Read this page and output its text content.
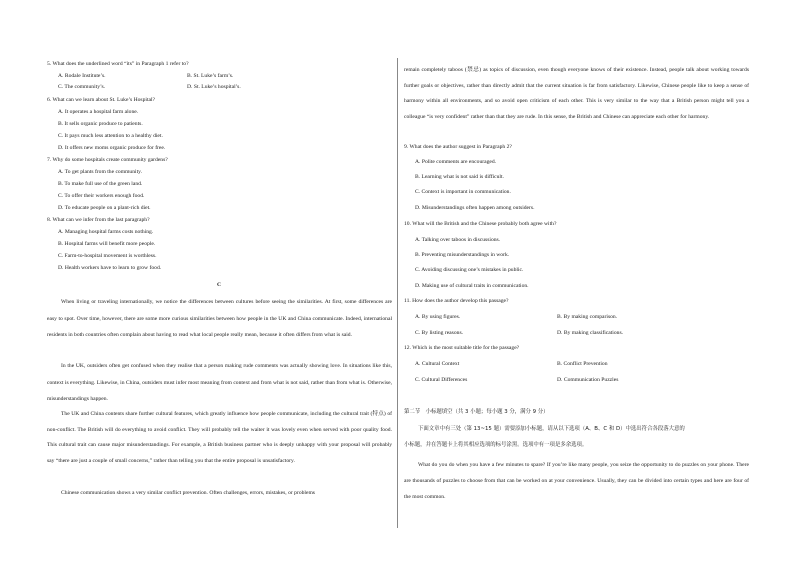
5. What does the underlined word “its” in Paragraph 1 refer to?
A. Rodale Institute’s.	B. St. Luke’s farm’s.
C. The community’s.	D. St. Luke’s hospital’s.
6. What can we learn about St. Luke’s Hospital?
A. It operates a hospital farm alone.
B. It sells organic produce to patients.
C. It pays much less attention to a healthy diet.
D. It offers new moms organic produce for free.
7. Why do some hospitals create community gardens?
A. To get plants from the community.
B. To make full use of the green land.
C. To offer their workers enough food.
D. To educate people on a plant-rich diet.
8. What can we infer from the last paragraph?
A. Managing hospital farms costs nothing.
B. Hospital farms will benefit more people.
C. Farm-to-hospital movement is worthless.
D. Health workers have to learn to grow food.
C
When living or traveling internationally, we notice the differences between cultures before seeing the similarities. At first, some differences are easy to spot. Over time, however, there are some more curious similarities between how people in the UK and China communicate. Indeed, international residents in both countries often complain about having to read what local people really mean, because it often differs from what is said.
In the UK, outsiders often get confused when they realise that a person making rude comments was actually showing love. In situations like this, context is everything. Likewise, in China, outsiders must infer most meaning from context and from what is not said, rather than from what is. Otherwise, misunderstandings happen.
The UK and China contents share further cultural features, which greatly influence how people communicate, including the cultural trait (特点) of non-conflict. The British will do everything to avoid conflict. They will probably tell the waiter it was lovely even when served with poor quality food. This cultural trait can cause major misunderstandings. For example, a British business partner who is deeply unhappy with your proposal will probably say “there are just a couple of small concerns,” rather than telling you that the entire proposal is unsatisfactory.
Chinese communication shows a very similar conflict prevention. Often challenges, errors, mistakes, or problems
remain completely taboos (禁忌) as topics of discussion, even though everyone knows of their existence. Instead, people talk about working towards further goals or objectives, rather than directly admit that the current situation is far from satisfactory. Likewise, Chinese people like to keep a sense of harmony within all environments, and so avoid open criticism of each other. This is very similar to the way that a British person might tell you a colleague “is very confident” rather than that they are rude. In this sense, the British and Chinese can appreciate each other for harmony.
9. What does the author suggest in Paragraph 2?
A. Polite comments are encouraged.
B. Learning what is not said is difficult.
C. Context is important in communication.
D. Misunderstandings often happen among outsiders.
10. What will the British and the Chinese probably both agree with?
A. Talking over taboos in discussions.
B. Preventing misunderstandings in work.
C. Avoiding discussing one’s mistakes in public.
D. Making use of cultural traits in communication.
11. How does the author develop this passage?
A. By using figures.	B. By making comparison.
C. By listing reasons.	D. By making classifications.
12. Which is the most suitable title for the passage?
A. Cultural Context	B. Conflict Prevention
C. Cultural Differences	D. Communication Puzzles
第二节　小标题填空（共 3 小题；每小题 3 分，满分 9 分）
下面文章中有三处（第 13~15 题）需要添加小标题，请从以下选项（A、B、C 和 D）中选出符合各段落大意的
小标题，并在答题卡上将其相应选项的标号涂黑。选项中有一项是多余选项。
What do you do when you have a few minutes to spare? If you’re like many people, you seize the opportunity to do puzzles on your phone. There are thousands of puzzles to choose from that can be worked on at your convenience. Usually, they can be divided into certain types and here are four of the most common.
